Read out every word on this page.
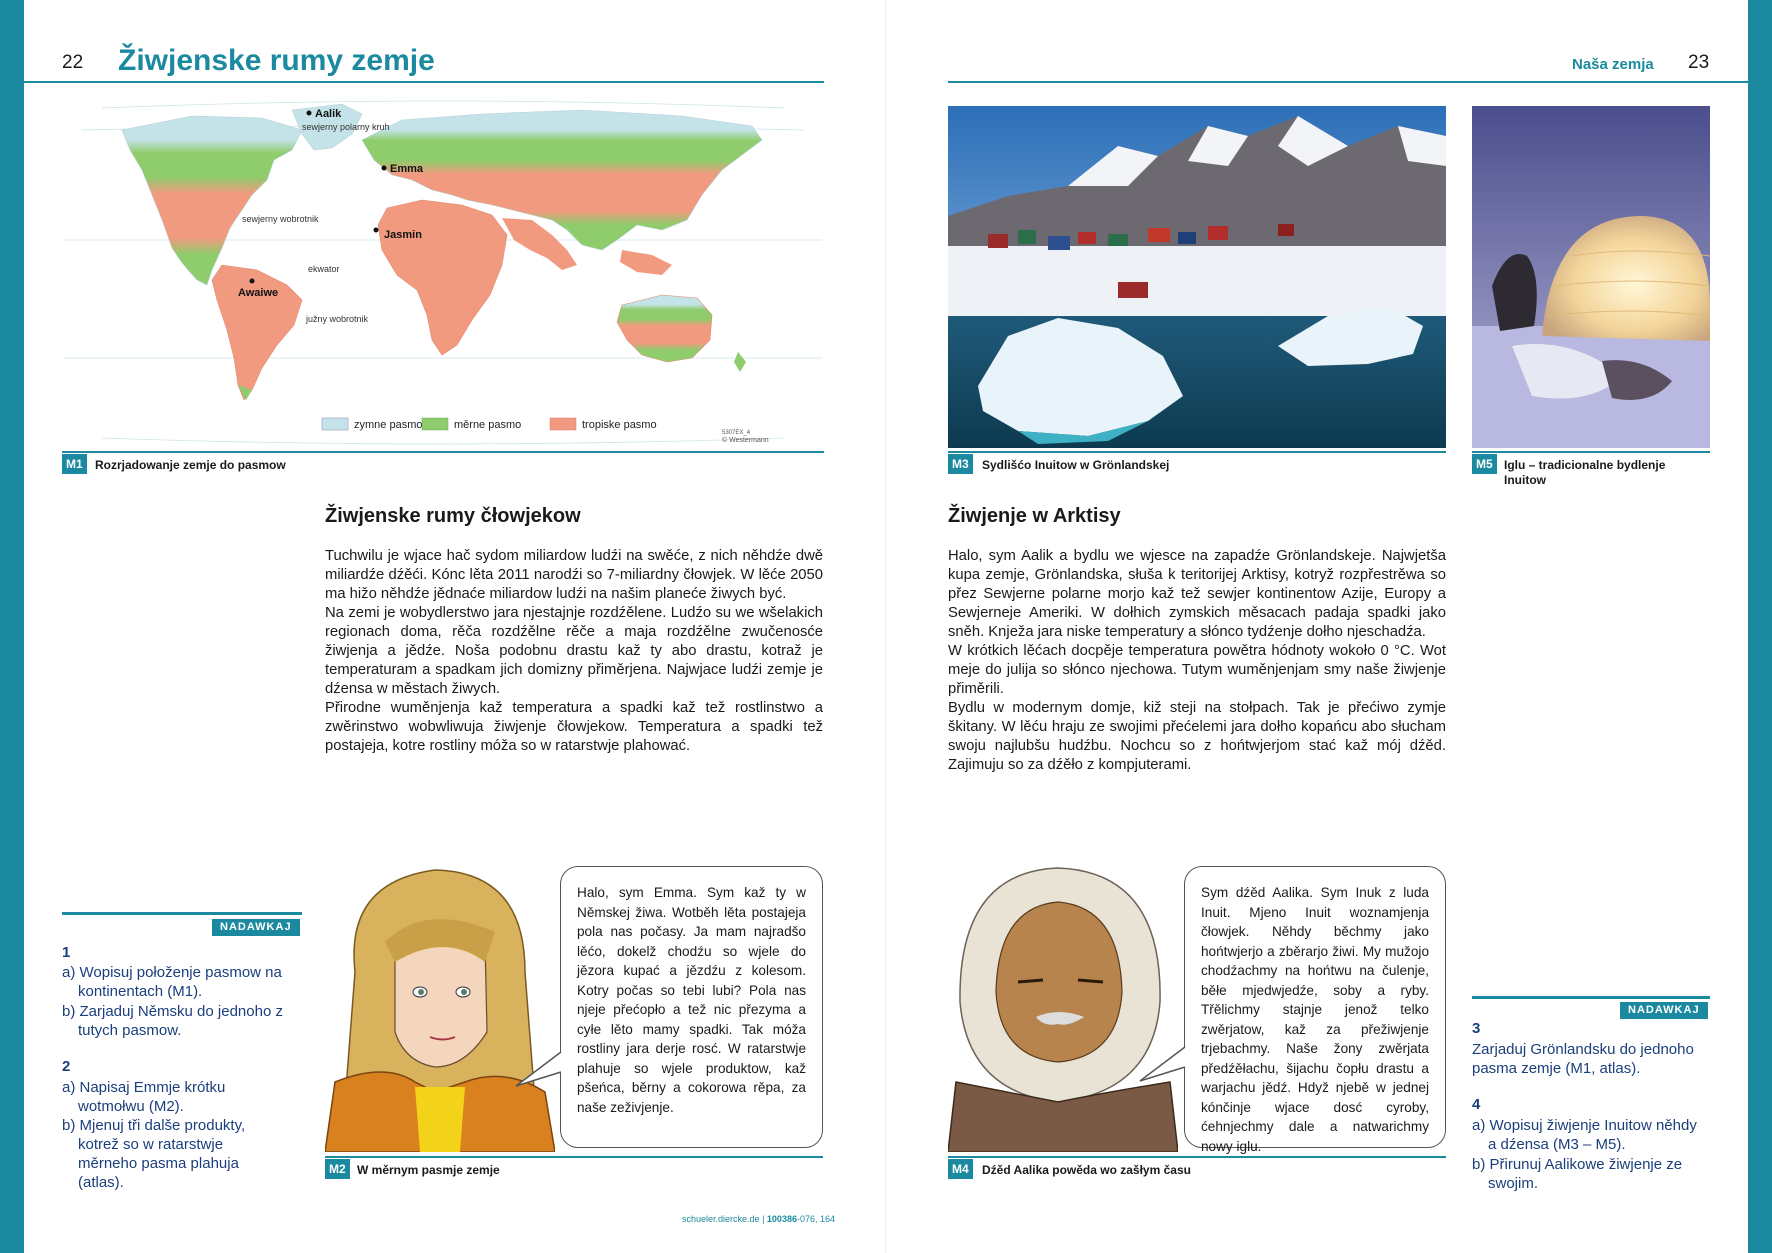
22 Žiwjenske rumy zemje	Naša zemja 23
sewjerny polarny kruh
sewjerny wobrotnik
ekwator
južny wobrotnik
Aalik
Emma
Jasmin
Awaiwe
zymne pasmo	měrne pasmo	tropiske pasmo
5307EX_4
© Westermann
M1	Rozrjadowanje zemje do pasmow	M3	Sydlišćo Inuitow w Grönlandskej	M5 Iglu – tradicionalne bydlenje Inuitow
Žiwjenske rumy čłowjekow

Tuchwilu je wjace hač sydom miliardow ludźi na swěće, z nich něhdźe dwě miliardźe dźěći. Kónc lěta 2011 narodźi so 7-miliardny čłowjek. W lěće 2050 ma hižo něhdźe jědnaće miliardow ludźi na našim planeće žiwych być.

Na zemi je wobydlerstwo jara njestajnje rozdźělene. Ludźo su we wšelakich regionach doma, rěča rozdźělne rěče a maja rozdźělne zwučenosće žiwjenja a jědźe. Noša podobnu drastu kaž ty abo drastu, kotraž je temperaturam a spadkam jich domizny přiměrjena. Najwjace ludźi zemje je dźensa w městach žiwych.

Přirodne wuměnjenja kaž temperatura a spadki kaž tež rostlinstwo a zwěrinstwo wobwliwuja žiwjenje čłowjekow. Temperatura a spadki tež postajeja, kotre rostliny móža so w ratarstwje plahować.

Žiwjenje w Arktisy

Halo, sym Aalik a bydlu we wjesce na zapadźe Grönlandskeje. Najwjetša kupa zemje, Grönlandska, słuša k teritorijej Arktisy, kotryž rozpřestrěwa so přez Sewjerne polarne morjo kaž tež sewjer kontinentow Azije, Europy a Sewjerneje Ameriki. W dołhich zymskich měsacach padaja spadki jako sněh. Knježa jara niske temperatury a słónco tydźenje dołho njeschadźa.

W krótkich lěćach docpěje temperatura powětra hódnoty wokoło 0 °C. Wot meje do julija so słónco njechowa. Tutym wuměnjenjam smy naše žiwjenje přiměrili.

Bydlu w modernym domje, kiž steji na stołpach. Tak je přećiwo zymje škitany. W lěću hraju ze swojimi přećelemi jara dołho kopańcu abo słucham swoju najlubšu hudźbu. Nochcu so z hońtwjerjom stać kaž mój dźěd. Zajimuju so za dźěło z kompjuterami.

M2 W měrnym pasmje zemje
Halo, sym Emma. Sym kaž ty w Němskej žiwa. Wotběh lěta postajeja pola nas počasy. Ja mam najradšo lěćo, dokelž chodźu so wjele do jězora kupać a jězdźu z kolesom. Kotry počas so tebi lubi? Pola nas njeje přećopło a tež nic přezyma a cyłe lěto mamy spadki. Tak móža rostliny jara derje rosć. W ratarstwje plahuje so wjele produktow, kaž pšeńca, běrny a cokorowa rěpa, za naše zeživjenje.
M4	Dźěd Aalika powěda wo zašłym času
Sym dźěd Aalika. Sym Inuk z luda Inuit. Mjeno Inuit woznamjenja čłowjek. Něhdy běchmy jako hońtwjerjo a zběrarjo žiwi. My mužojo chodźachmy na hońtwu na čulenje, běłe mjedwjedźe, soby a ryby. Třělichmy stajnje jenož telko zwěrjatow, kaž za přežiwjenje trjebachmy. Naše žony zwěrjata předźěłachu, šijachu čopłu drastu a warjachu jědź. Hdyž njebě w jednej kónčinje wjace dosć cyroby, ćehnjechmy dale a natwarichmy nowy iglu.
NADAWKAJ
1
a) Wopisuj połoženje pasmow na kontinentach (M1).
b) Zarjaduj Němsku do jednoho z tutych pasmow.
2
a) Napisaj Emmje krótku wotmołwu (M2).
b) Mjenuj tři dalše produkty, kotrež so w ratarstwje měrneho pasma plahuja (atlas).
NADAWKAJ
3
Zarjaduj Grönlandsku do jednoho pasma zemje (M1, atlas).
4
a) Wopisuj žiwjenje Inuitow něhdy a dźensa (M3 – M5).
b) Přirunuj Aalikowe žiwjenje ze swojim.
schueler.diercke.de | 100386-076, 164
